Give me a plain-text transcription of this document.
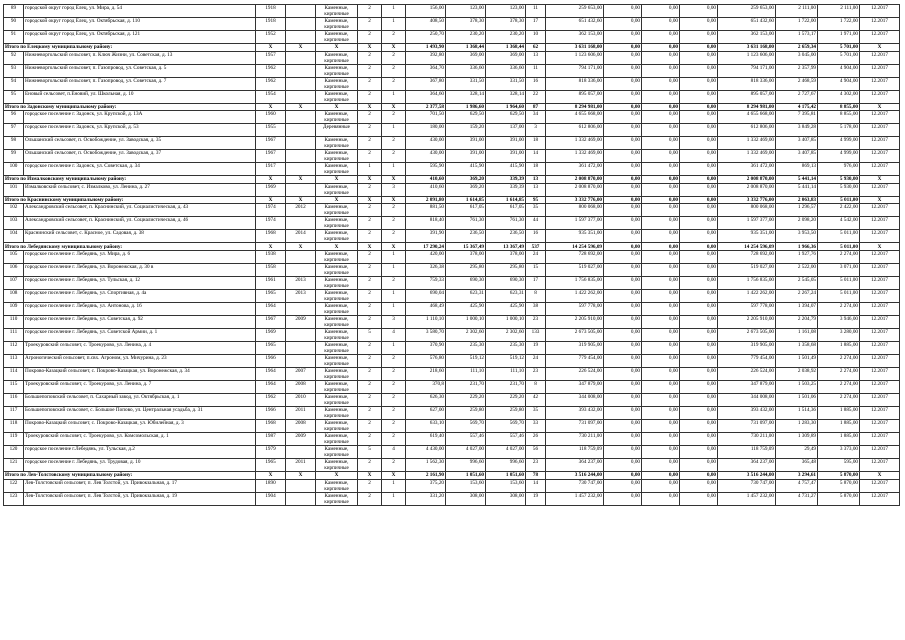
89	городской округ город Елец, ул. Мира, д. 54	1918		Каменные, кирпичные	2	1	156,00	123,00	123,00	11	259 653,00	0,00	0,00	0,00	259 653,00	2 111,00	2 111,00	12.2017
90	городской округ город Елец, ул. Октябрьская, д. 110	1918		Каменные, кирпичные	2	1	408,50	378,30	378,30	17	651 432,60	0,00	0,00	0,00	651 432,60	1 722,00	1 722,00	12.2017
91	городской округ город Елец, ул. Октябрьская, д. 121	1952		Каменные, кирпичные	2	2	250,70	230,20	230,20	10	362 153,00	0,00	0,00	0,00	362 153,00	1 573,17	1 971,00	12.2017
Итого по Елецкому муниципальному району:		X	X	X	X	X	1 493,90	1 368,44	1 368,44	62	3 631 168,00	0,00	0,00	0,00	3 631 168,00	2 659,34	5 701,00	X
92	Нижневоргольский сельсовет, п. Ключ Жизни, ул. Советская, д. 13	1957		Каменные, кирпичные	2	2	392,80	369,00	369,00	13	1 123 606,00	0,00	0,00	0,00	1 123 606,00	3 045,00	5 701,00	12.2017
93	Нижневоргольский сельсовет, п. Газопровод, ул. Советская, д. 5	1962		Каменные, кирпичные	2	2	364,70	336,60	336,60	11	794 171,00	0,00	0,00	0,00	794 171,00	2 357,99	4 904,00	12.2017
94	Нижневоргольский сельсовет, п. Газопровод, ул. Советская, д. 7	1962		Каменные, кирпичные	2	2	367,80	331,50	331,50	16	818 336,00	0,00	0,00	0,00	818 336,00	2 468,59	4 904,00	12.2017
95	Еновый сельсовет, п.Еновий, ул. Школьная, д. 10	1954		Каменные, кирпичные	2	1	364,60	328,14	328,14	22	895 057,00	0,00	0,00	0,00	895 057,00	2 727,67	4 302,00	12.2017
Итого по Задонскому муниципальному району:		X	X	X	X	X	2 377,58	1 986,60	1 964,60	87	8 294 981,00	0,00	0,00	0,00	8 294 981,00	4 175,42	8 855,00	X
96	городское поселение г. Задонск, ул. Крупской, д. 13А	1960		Каменные, кирпичные	2	2	701,50	629,50	629,50	34	4 655 668,00	0,00	0,00	0,00	4 655 668,00	7 395,81	8 855,00	12.2017
97	городское поселение г. Задонск, ул. Крупской, д. 53	1955		Деревянные	2	1	180,00	159,20	137,00	3	612 806,00	0,00	0,00	0,00	612 806,00	3 849,28	5 178,00	12.2017
98	Ольшанский сельсовет, п. Освобождение, ул. Заводская, д. 35	1967		Каменные, кирпичные	2	2	430,00	391,00	391,00	18	1 332 469,00	0,00	0,00	0,00	1 332 469,00	3 407,85	4 999,00	12.2017
99	Ольшанский сельсовет, п. Освобождение, ул. Заводская, д. 37	1967		Каменные, кирпичные	2	2	430,00	391,00	391,00	14	1 332 469,00	0,00	0,00	0,00	1 332 469,00	3 407,85	4 999,00	12.2017
100	городское поселение г. Задонск, ул. Советская, д. 34	1917		Каменные, кирпичные	1	1	595,90	415,90	415,90	18	361 472,00	0,00	0,00	0,00	361 472,00	869,13	976,00	12.2017
Итого по Измалковскому муниципальному району:		X	X	X	X	X	410,60	369,20	339,39	13	2 008 870,00	0,00	0,00	0,00	2 008 870,00	5 441,14	5 930,00	X
101	Измалковский сельсовет, с. Измалково, ул. Ленина, д. 27	1969		Каменные, кирпичные	2	3	410,60	369,20	339,39	13	2 008 870,00	0,00	0,00	0,00	2 008 870,00	5 441,14	5 930,00	12.2017
Итого по Краснинскому муниципальному району:		X	X	X	X	X	2 091,80	1 614,85	1 614,85	95	3 332 776,00	0,00	0,00	0,00	3 332 776,00	2 063,83	5 011,00	X
102	Александровский сельсовет, п. Краснинский, ул. Социалистическая, д. 43	1974	2012	Каменные, кирпичные	2	2	881,50	617,05	617,05	35	800 068,00	0,00	0,00	0,00	800 068,00	1 296,57	2 422,00	12.2017
103	Александровский сельсовет, п. Краснинский, ул. Социалистическая, д. 46	1974		Каменные, кирпичные	2	2	818,40	761,30	761,30	44	1 597 377,00	0,00	0,00	0,00	1 597 377,00	2 098,20	4 542,00	12.2017
104	Краснинский сельсовет, с. Красное, ул. Садовая, д. 38	1968	2014	Каменные, кирпичные	2	2	391,90	236,50	236,50	16	935 351,00	0,00	0,00	0,00	935 351,00	3 953,50	5 011,00	12.2017
Итого по Лебедянскому муниципальному району:		X	X	X	X	X	17 290,24	15 367,49	13 367,49	537	14 254 596,09	0,00	0,00	0,00	14 254 596,09	1 966,36	5 011,00	X
105	городское поселение г. Лебедянь, ул. Мира, д. 6	1938		Каменные, кирпичные	2	1	420,00	378,00	378,00	24	728 692,00	0,00	0,00	0,00	728 692,00	1 927,76	2 274,00	12.2017
106	городское поселение г. Лебедянь, ул. Воронежская, д. 30 в	1958		Каменные, кирпичные	2	1	326,38	295,80	295,80	15	519 027,00	0,00	0,00	0,00	519 027,00	2 522,00	3 071,00	12.2017
107	городское поселение г. Лебедянь, ул. Тульская, д. 12	1961	2013	Каменные, кирпичные	2	2	759,33	690,30	690,30	17	1 756 835,00	0,00	0,00	0,00	1 756 835,00	2 545,05	5 011,00	12.2017
108	городское поселение г. Лебедянь, ул. Спортивная, д. 4а	1965	2013	Каменные, кирпичные	2	1	690,04	623,31	623,31	8	1 422 262,00	0,00	0,00	0,00	1 422 262,00	2 267,24	5 011,00	12.2017
109	городское поселение г. Лебедянь, ул. Антонова, д. 16	1964		Каменные, кирпичные	2	1	468,49	425,90	425,90	38	597 778,00	0,00	0,00	0,00	597 778,00	1 394,07	2 274,00	12.2017
110	городское поселение г. Лебедянь, ул. Советская, д. 92	1967	2009	Каменные, кирпичные	2	3	1 110,10	1 000,10	1 000,10	23	2 205 910,00	0,00	0,00	0,00	2 205 910,00	2 204,79	3 946,00	12.2017
111	городское поселение г. Лебедянь, ул. Советской Армии, д. 1	1969		Каменные, кирпичные	5	4	3 580,70	2 302,60	2 302,60	133	2 673 505,00	0,00	0,00	0,00	2 673 505,00	1 161,08	3 280,00	12.2017
112	Троекуровский сельсовет, с. Троекурово, ул. Ленина, д. 4	1965		Каменные, кирпичные	2	1	370,90	235,30	235,30	19	319 905,00	0,00	0,00	0,00	319 905,00	1 358,68	1 885,00	12.2017
113	Агроногический сельсовет, п.свх. Агроном, ул. Мичурина, д. 23	1966		Каменные, кирпичные	2	2	576,80	519,12	519,12	24	779 454,00	0,00	0,00	0,00	779 454,00	1 501,49	2 274,00	12.2017
114	Покрово-Казацкий сельсовет, с. Покрово-Казацкая, ул. Воронежская, д. 34	1964	2007	Каменные, кирпичные	2	2	218,60	111,10	111,10	23	226 524,00	0,00	0,00	0,00	226 524,00	2 038,92	2 274,00	12.2017
115	Троекуровский сельсовет, с. Троекурово, ул. Ленина, д. 7	1964	2008	Каменные, кирпичные	2	2	370,8	231,70	231,70	8	347 879,00	0,00	0,00	0,00	347 879,00	1 503,25	2 274,00	12.2017
116	Большепоповский сельсовет, п. Сахарный завод, ул. Октябрьская, д. 1	1962	2010	Каменные, кирпичные	2	2	626,30	229,20	229,20	42	344 008,00	0,00	0,00	0,00	344 008,00	1 501,06	2 274,00	12.2017
117	Большепоповский сельсовет, с. Большое Попово, ул. Центральная усадьба, д. 31	1966	2011	Каменные, кирпичные	2	2	627,00	259,80	259,80	35	393 432,00	0,00	0,00	0,00	393 432,00	1 514,36	1 885,00	12.2017
118	Покрово-Казацкий сельсовет, с. Покрово-Казацкая, ул. Юбилейная, д. 3	1968	2008	Каменные, кирпичные	2	2	633,10	569,70	569,70	33	731 097,00	0,00	0,00	0,00	731 097,00	1 283,30	1 885,00	12.2017
119	Троекуровский сельсовет, с. Троекурово, ул. Комсомольская, д. 1	1987	2009	Каменные, кирпичные	2	2	619,40	557,46	557,46	26	730 211,00	0,00	0,00	0,00	730 211,00	1 309,89	1 885,00	12.2017
120	городское поселение г.Лебедянь, ул. Тульская, д.2	1979		Каменные, кирпичные	5	4	4 430,00	4 027,00	4 027,00	56	118 759,09	0,00	0,00	0,00	118 759,09	29,49	3 373,00	12.2017
121	городское поселение г. Лебедянь, ул. Трудовая, д. 10	1965	2011	Каменные, кирпичные	2	2	1 562,30	996,60	996,60	23	364 237,00	0,00	0,00	0,00	364 237,00	365,48	595,00	12.2017
Итого по Лев-Толстовскому муниципальному району:		X	X	X	X	X	2 161,90	1 051,60	1 051,60	78	3 516 244,00	0,00	0,00	0,00	3 516 244,00	3 294,61	5 870,00	X
122	Лев-Толстовский сельсовет, п. Лев Толстой, ул. Привокзальная, д. 17	1890		Каменные, кирпичные	2	1	375,20	153,60	153,60	14	730 747,00	0,00	0,00	0,00	730 747,00	4 757,47	5 870,00	12.2017
123	Лев-Толстовский сельсовет, п. Лев Толстой, ул. Привокзальная, д. 19	1904		Каменные, кирпичные	2	1	331,20	308,00	308,00	19	1 457 232,00	0,00	0,00	0,00	1 457 232,00	4 731,27	5 870,00	12.2017
